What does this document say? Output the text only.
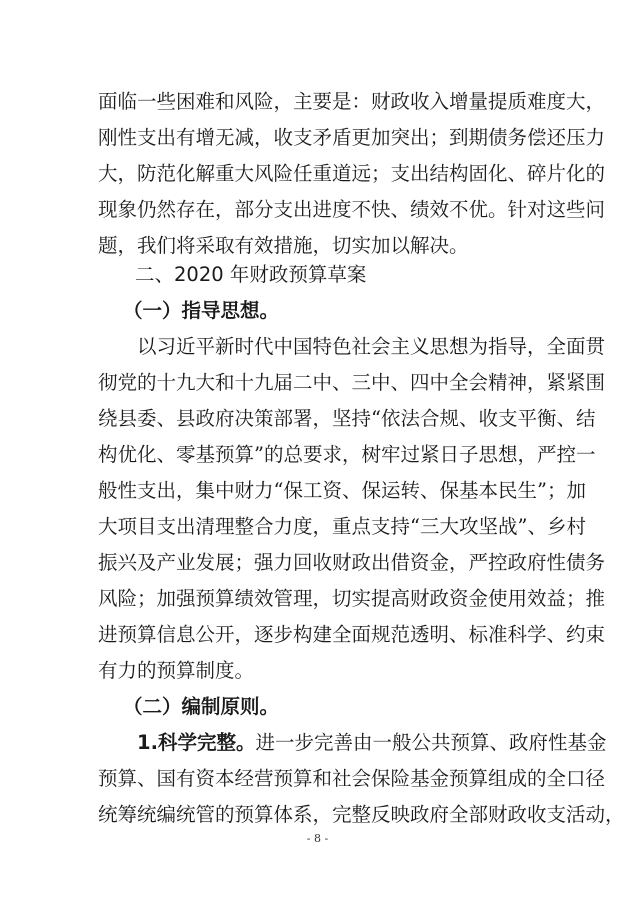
面临一些困难和风险，主要是：财政收入增量提质难度大，
刚性支出有增无减，收支矛盾更加突出；到期债务偿还压力
大，防范化解重大风险任重道远；支出结构固化、碎片化的
现象仍然存在，部分支出进度不快、绩效不优。针对这些问
题，我们将采取有效措施，切实加以解决。
二、2020 年财政预算草案
（一）指导思想。
　　以习近平新时代中国特色社会主义思想为指导，全面贯
彻党的十九大和十九届二中、三中、四中全会精神，紧紧围
绕县委、县政府决策部署，坚持“依法合规、收支平衡、结
构优化、零基预算”的总要求，树牢过紧日子思想，严控一
般性支出，集中财力“保工资、保运转、保基本民生”；加
大项目支出清理整合力度，重点支持“三大攻坚战”、乡村
振兴及产业发展；强力回收财政出借资金，严控政府性债务
风险；加强预算绩效管理，切实提高财政资金使用效益；推
进预算信息公开，逐步构建全面规范透明、标准科学、约束
有力的预算制度。
（二）编制原则。
　　1.科学完整。进一步完善由一般公共预算、政府性基金
预算、国有资本经营预算和社会保险基金预算组成的全口径
统筹统编统管的预算体系，完整反映政府全部财政收支活动，
- 8 -
